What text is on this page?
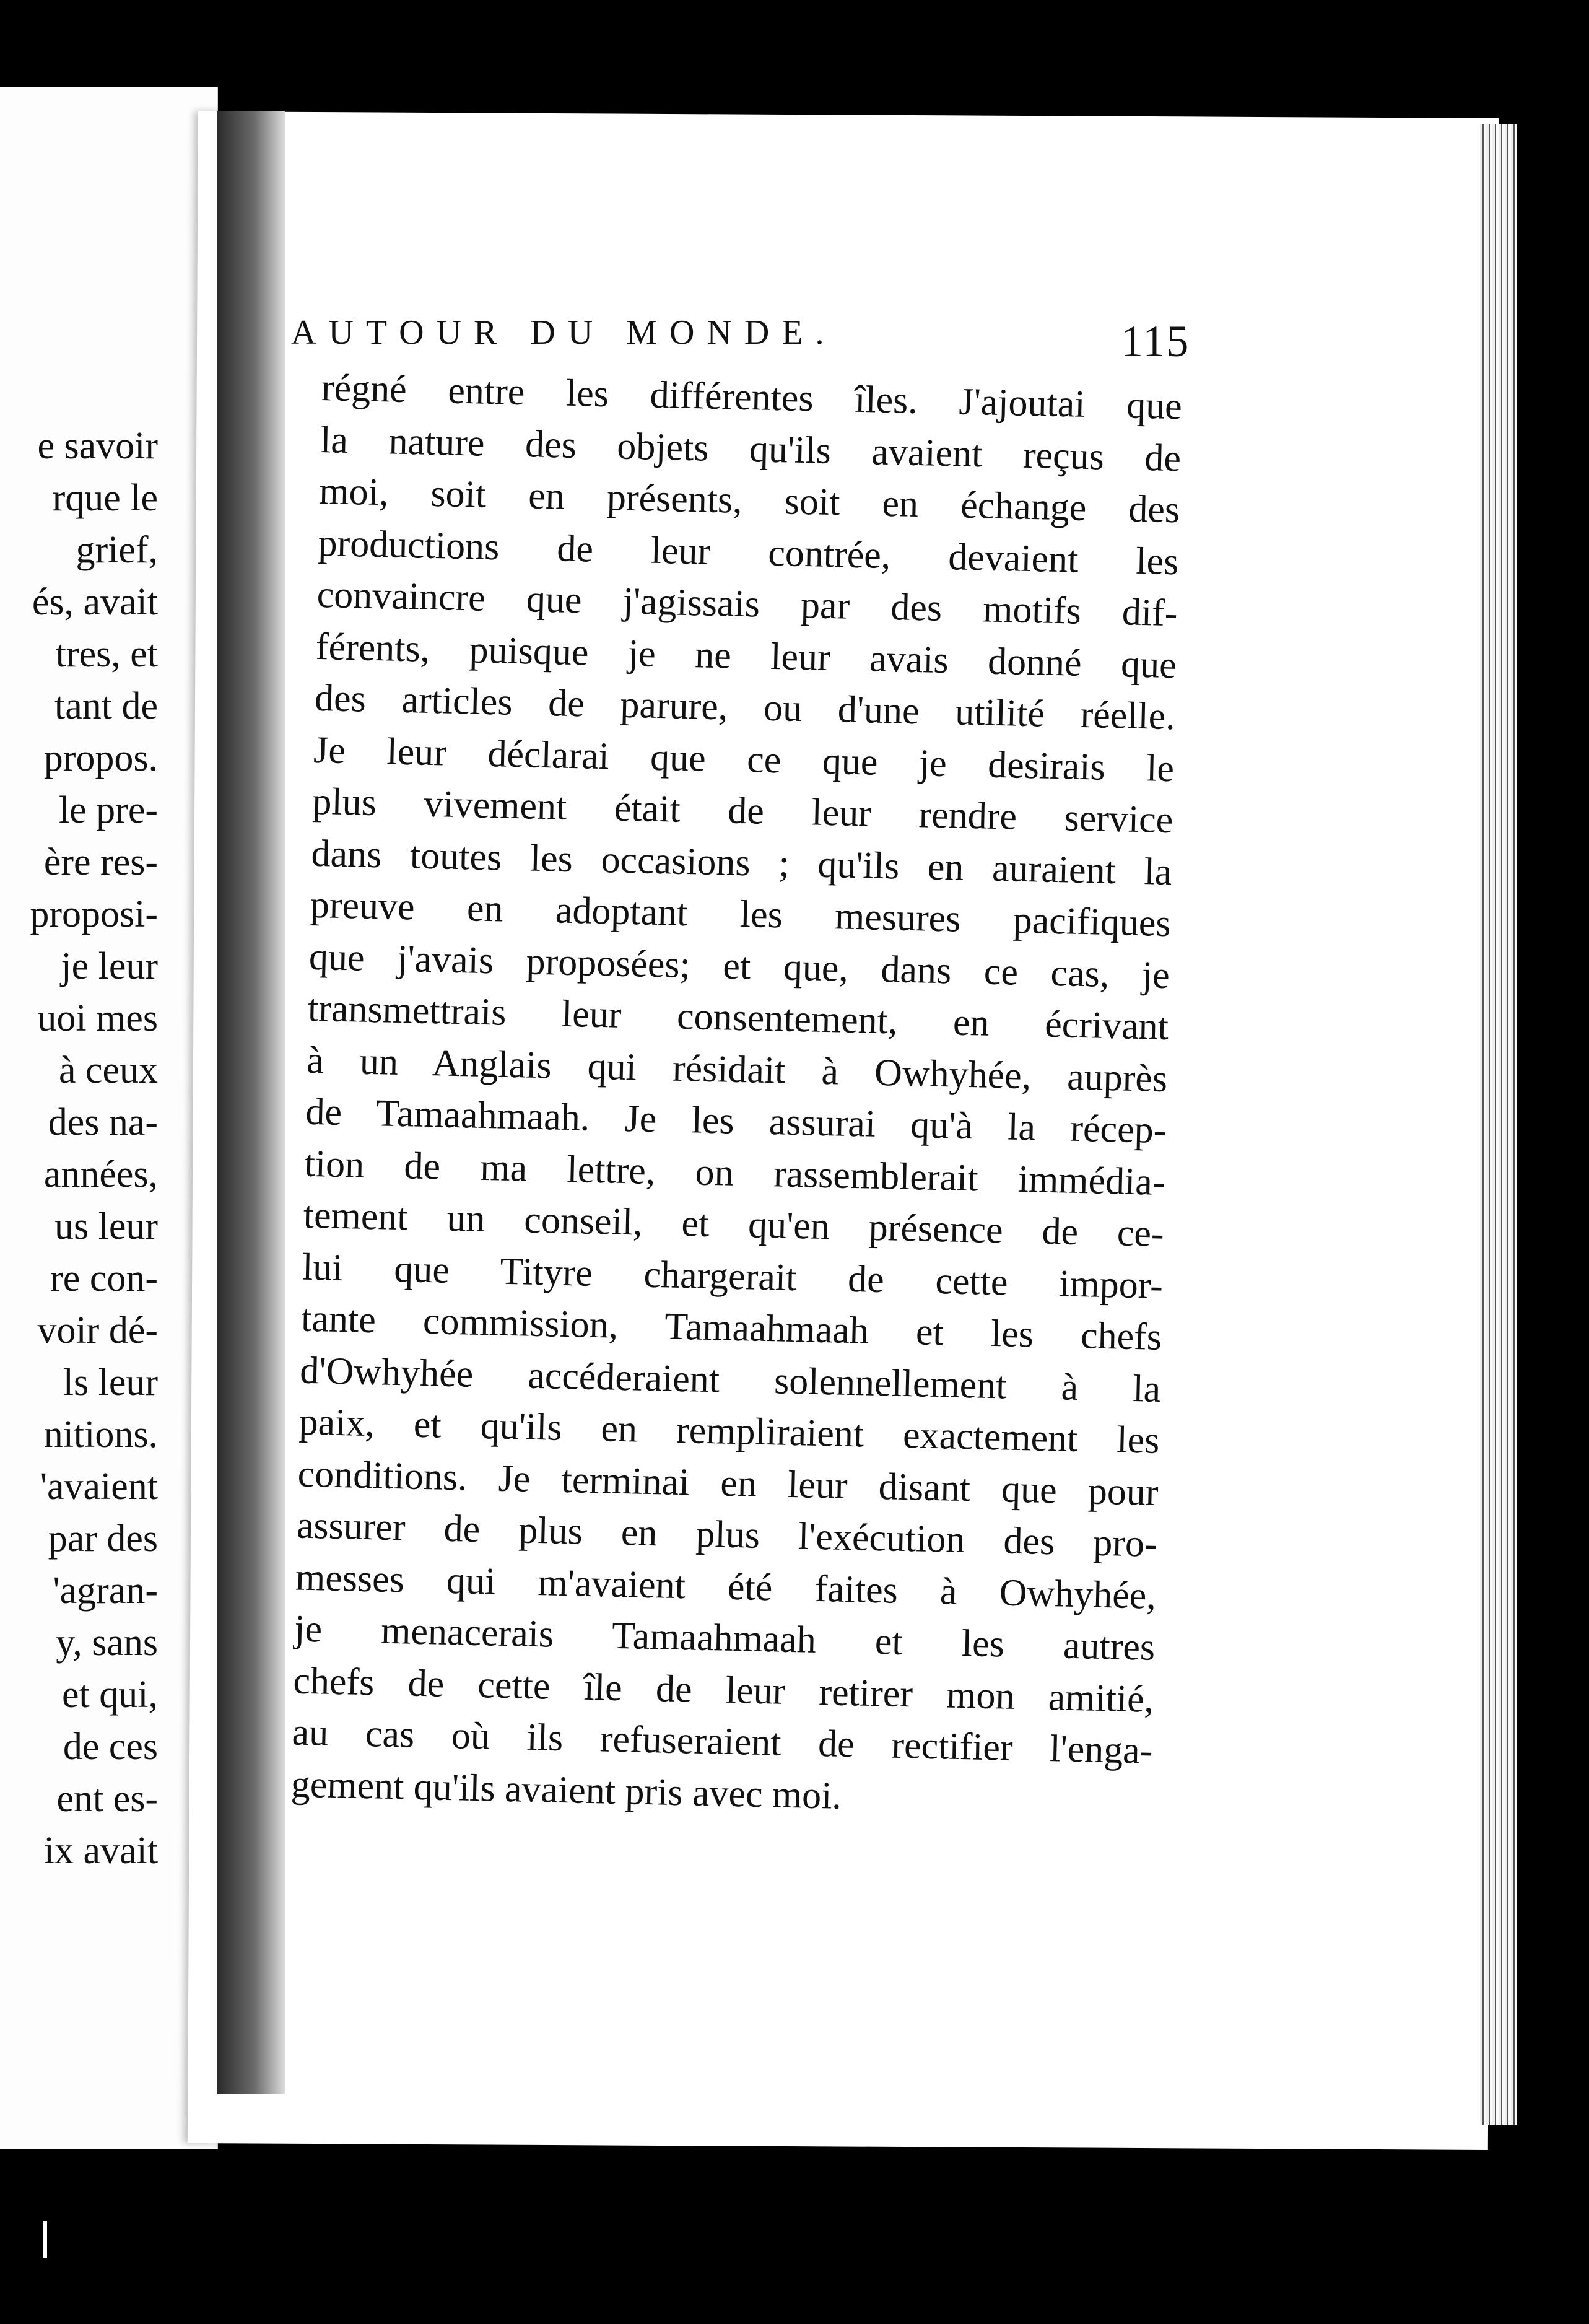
e savoir
rque le
grief,
és, avait
tres, et
tant de
propos.
le pre-
ère res-
proposi-
je leur
uoi mes
à ceux
des na-
années,
us leur
re con-
voir dé-
ls leur
nitions.
'avaient
par des
'agran-
y, sans
et qui,
de ces
ent es-
ix avait
AUTOUR DU MONDE.	115
régné entre les différentes îles. J'ajoutai que
la nature des objets qu'ils avaient reçus de
moi, soit en présents, soit en échange des
productions de leur contrée, devaient les
convaincre que j'agissais par des motifs dif-
férents, puisque je ne leur avais donné que
des articles de parure, ou d'une utilité réelle.
Je leur déclarai que ce que je desirais le
plus vivement était de leur rendre service
dans toutes les occasions ; qu'ils en auraient la
preuve en adoptant les mesures pacifiques
que j'avais proposées; et que, dans ce cas, je
transmettrais leur consentement, en écrivant
à un Anglais qui résidait à Owhyhée, auprès
de Tamaahmaah. Je les assurai qu'à la récep-
tion de ma lettre, on rassemblerait immédia-
tement un conseil, et qu'en présence de ce-
lui que Tityre chargerait de cette impor-
tante commission, Tamaahmaah et les chefs
d'Owhyhée accéderaient solennellement à la
paix, et qu'ils en rempliraient exactement les
conditions. Je terminai en leur disant que pour
assurer de plus en plus l'exécution des pro-
messes qui m'avaient été faites à Owhyhée,
je menacerais Tamaahmaah et les autres
chefs de cette île de leur retirer mon amitié,
au cas où ils refuseraient de rectifier l'enga-
gement qu'ils avaient pris avec moi.
